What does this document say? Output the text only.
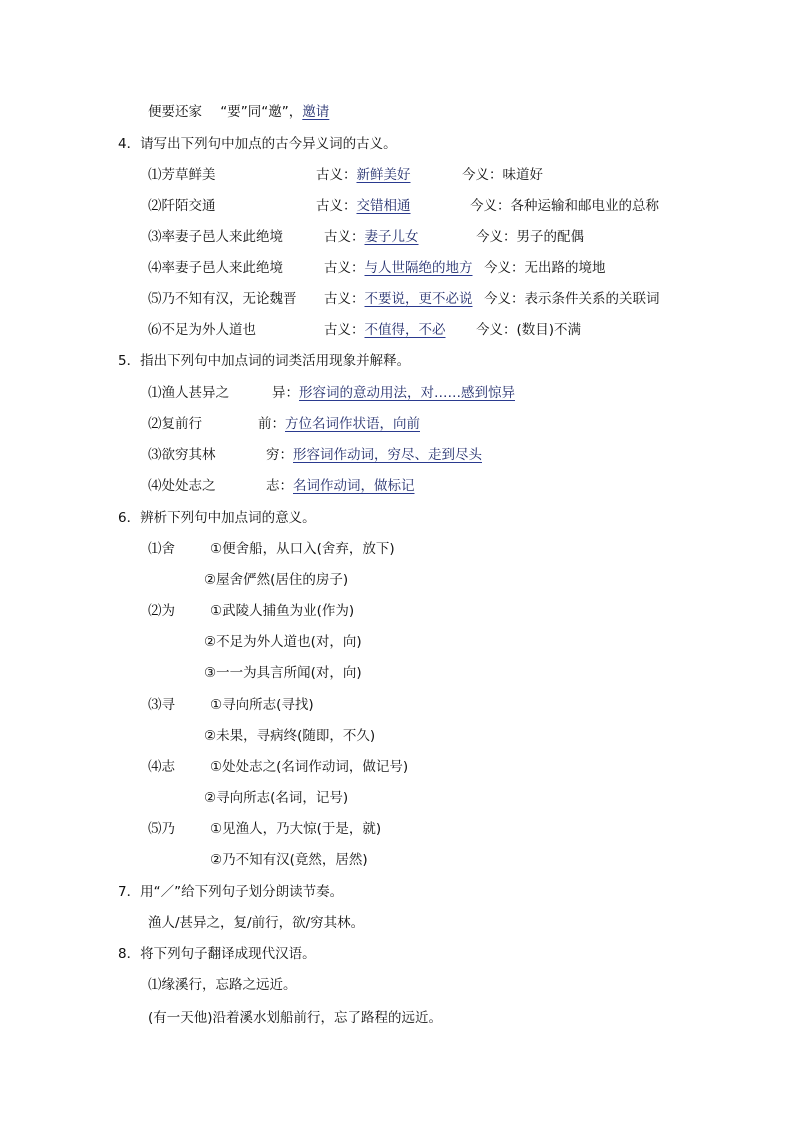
便要还家 “要”同“邀”，邀请
4．请写出下列句中加点的古今异义词的古义。
⑴芳草鲜美	古义：新鲜美好	今义：味道好
⑵阡陌交通	古义：交错相通	今义：各种运输和邮电业的总称
⑶率妻子邑人来此绝境	古义：妻子儿女	今义：男子的配偶
⑷率妻子邑人来此绝境	古义：与人世隔绝的地方 今义：无出路的境地
⑸乃不知有汉，无论魏晋 古义：不要说，更不必说 今义：表示条件关系的关联词
⑹不足为外人道也	古义：不值得，不必 今义：(数目)不满
5．指出下列句中加点词的词类活用现象并解释。
⑴渔人甚异之	异：形容词的意动用法，对……感到惊异
⑵复前行	前：方位名词作状语，向前
⑶欲穷其林	穷：形容词作动词，穷尽、走到尽头
⑷处处志之	志：名词作动词，做标记
6．辨析下列句中加点词的意义。
⑴舍	①便舍船，从口入(舍弃，放下)
②屋舍俨然(居住的房子)
⑵为	①武陵人捕鱼为业(作为)
②不足为外人道也(对，向)
③一一为具言所闻(对，向)
⑶寻	①寻向所志(寻找)
②未果，寻病终(随即，不久)
⑷志	①处处志之(名词作动词，做记号)
②寻向所志(名词，记号)
⑸乃	①见渔人，乃大惊(于是，就)
②乃不知有汉(竟然，居然)
7．用“／”给下列句子划分朗读节奏。
渔人/甚异之，复/前行，欲/穷其林。
8．将下列句子翻译成现代汉语。
⑴缘溪行，忘路之远近。
(有一天他)沿着溪水划船前行，忘了路程的远近。
